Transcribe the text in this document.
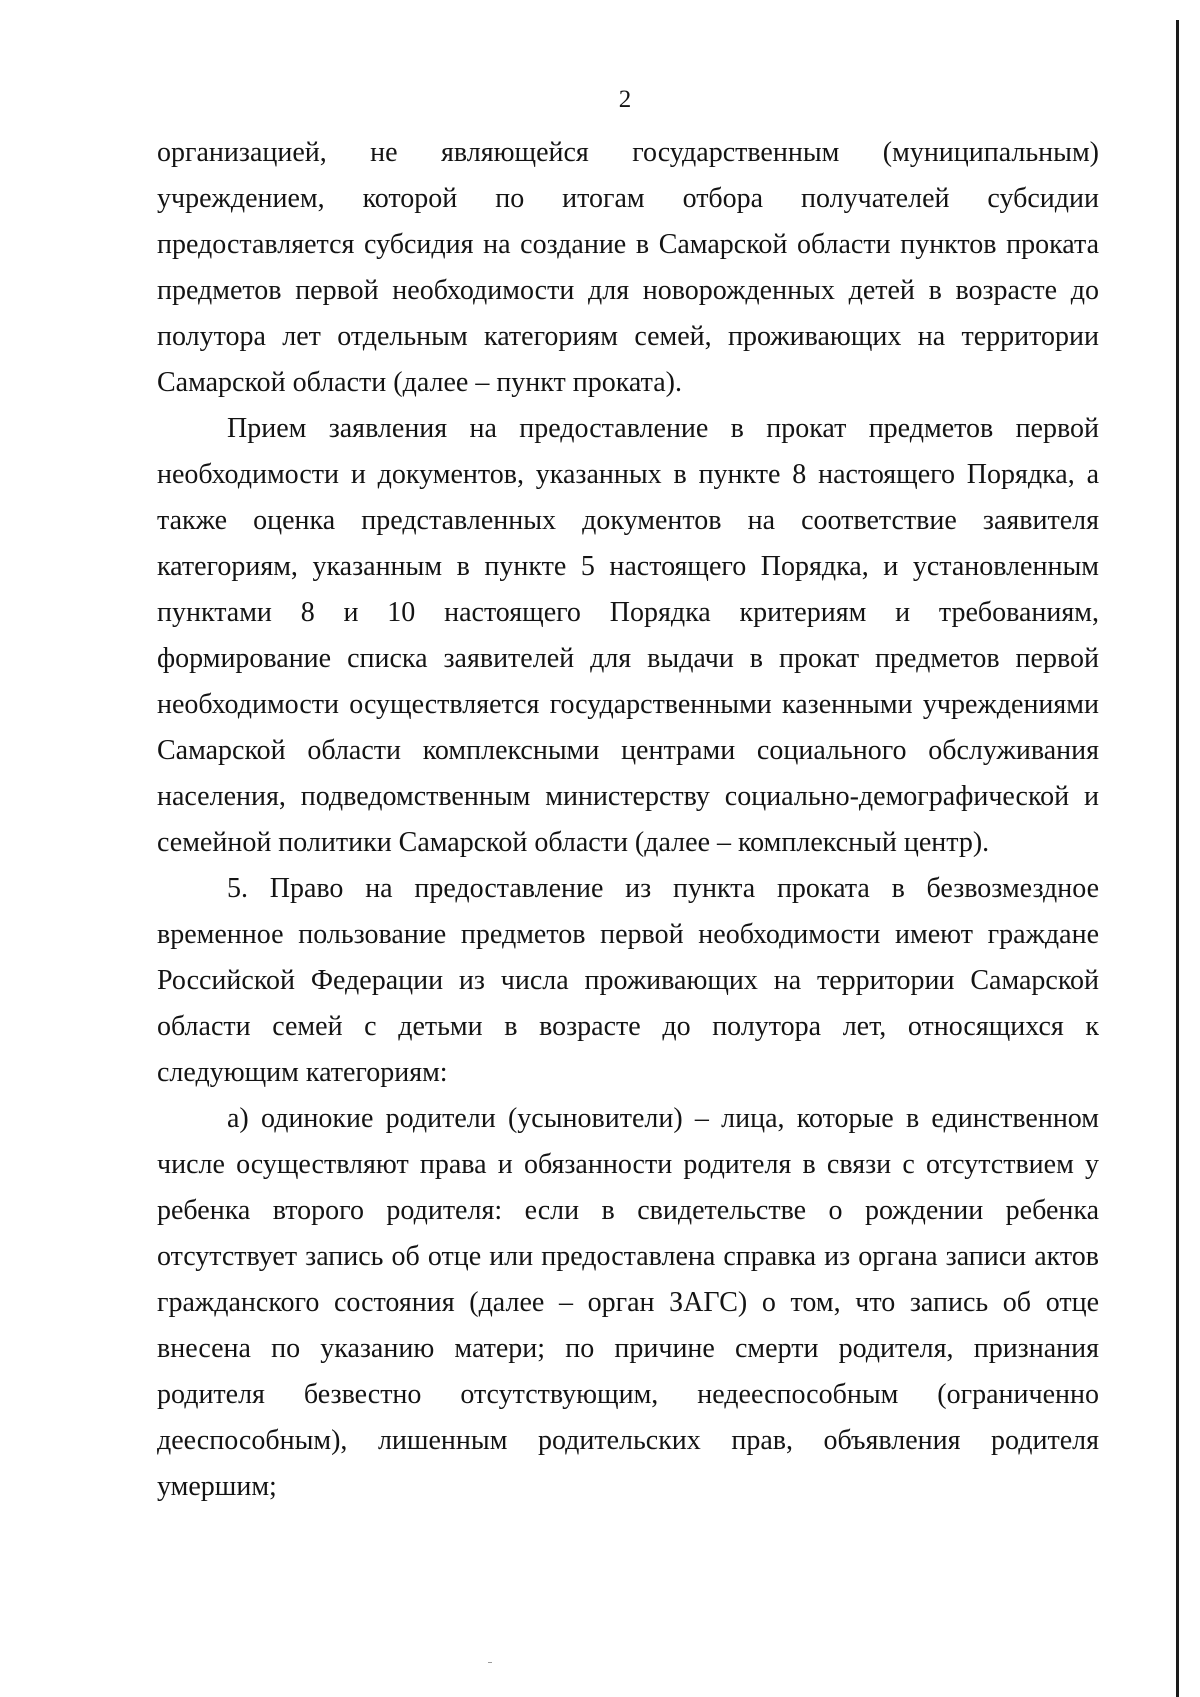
2

организацией, не являющейся государственным (муниципальным) учреждением, которой по итогам отбора получателей субсидии предоставляется субсидия на создание в Самарской области пунктов проката предметов первой необходимости для новорожденных детей в возрасте до полутора лет отдельным категориям семей, проживающих на территории Самарской области (далее – пункт проката).

Прием заявления на предоставление в прокат предметов первой необходимости и документов, указанных в пункте 8 настоящего Порядка, а также оценка представленных документов на соответствие заявителя категориям, указанным в пункте 5 настоящего Порядка, и установленным пунктами 8 и 10 настоящего Порядка критериям и требованиям, формирование списка заявителей для выдачи в прокат предметов первой необходимости осуществляется государственными казенными учреждениями Самарской области комплексными центрами социального обслуживания населения, подведомственным министерству социально-демографической и семейной политики Самарской области (далее – комплексный центр).

5. Право на предоставление из пункта проката в безвозмездное временное пользование предметов первой необходимости имеют граждане Российской Федерации из числа проживающих на территории Самарской области семей с детьми в возрасте до полутора лет, относящихся к следующим категориям:

а) одинокие родители (усыновители) – лица, которые в единственном числе осуществляют права и обязанности родителя в связи с отсутствием у ребенка второго родителя: если в свидетельстве о рождении ребенка отсутствует запись об отце или предоставлена справка из органа записи актов гражданского состояния (далее – орган ЗАГС) о том, что запись об отце внесена по указанию матери; по причине смерти родителя, признания родителя безвестно отсутствующим, недееспособным (ограниченно дееспособным), лишенным родительских прав, объявления родителя умершим;
